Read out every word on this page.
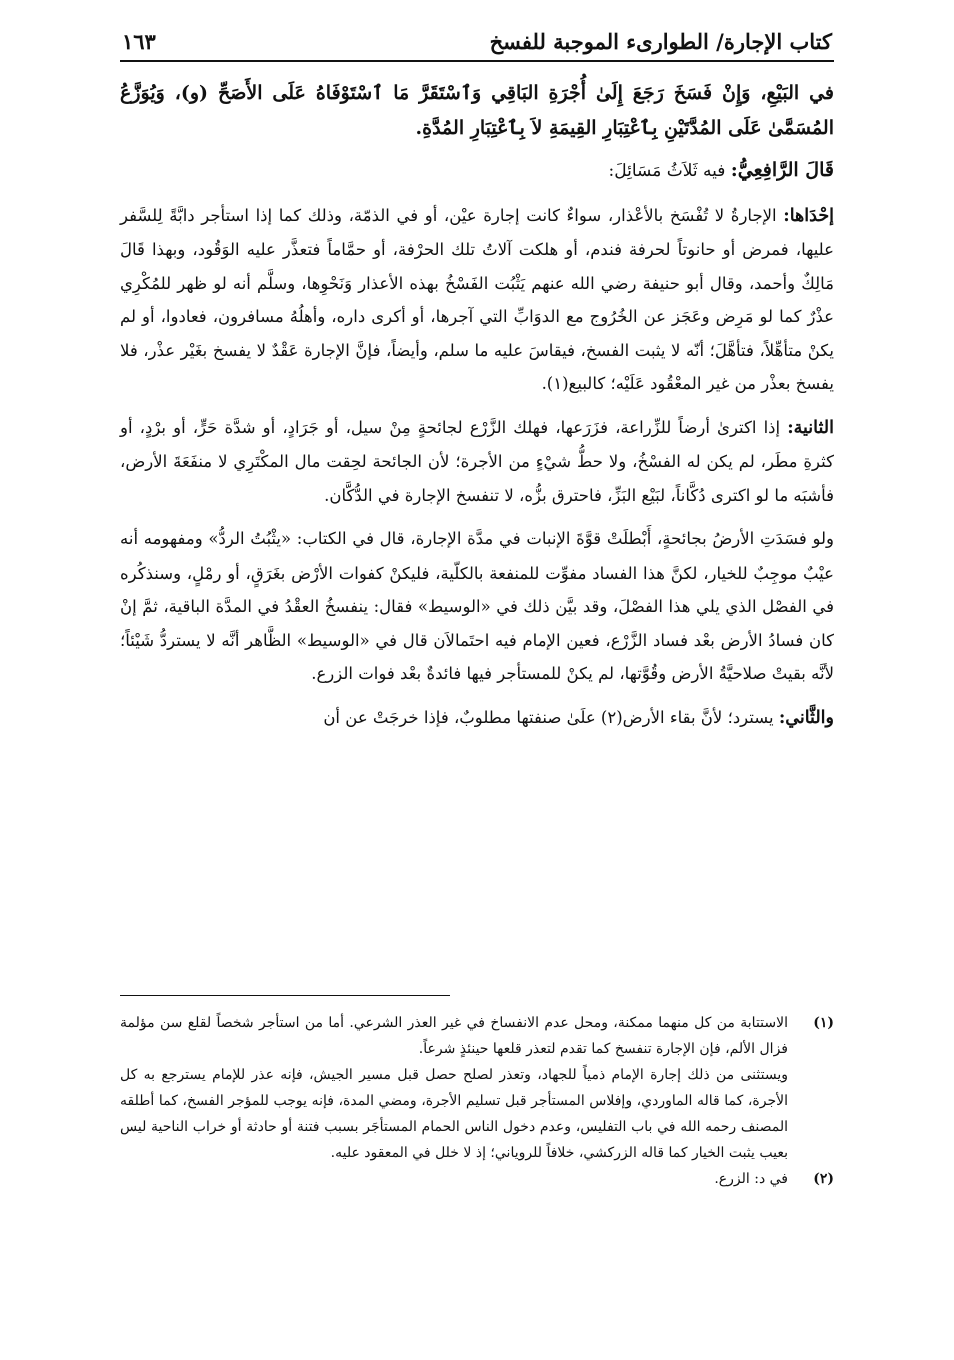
كتاب الإجارة/ الطوارىء الموجبة للفسخ
١٦٣
في البَيْعِ، وَإِنْ فَسَخَ رَجَعَ إِلَىٰ أُجْرَةِ البَاقِي وَٱسْتَقَرَّ مَا ٱسْتَوْفَاهُ عَلَى الأَصَحِّ (و)، وَيُوَزَّعُ المُسَمَّىٰ عَلَى المُدَّتَيْنِ بِٱعْتِبَارِ القِيمَةِ لاَ بِٱعْتِبَارِ المُدَّةِ.
قَالَ الرَّافِعِيُّ: فيه ثَلاَثُ مَسَائِلَ:
إحْدَاها: الإجارةُ لا تُفْسَخ بالأعْذار، سواءٌ كانت إجارة عيْن، أو في الذمّة، وذلك كما إذا استأجر دابَّةً لِلسَّفر عليها، فمرض أو حانوتاً لحرفة فندم، أو هلكت آلاتُ تلك الحرْفة، أو حمَّاماً فتعذَّر عليه الوَقُود، وبهذا قَالَ مَالِكٌ وأحمد، وقال أبو حنيفة رضي الله عنهم يَثْبُت الفَسْخُ بهذه الأعذار وَنَحْوِها، وسلَّم أنه لو ظهر للمُكْرِي عذْرٌ كما لو مَرِض وعَجَز عن الخُرُوج مع الدوَابِّ التي آجرها، أو أكرى داره، وأهلُهُ مسافرون، فعادوا، أو لم يكنْ متأهِّلاً، فتأهَّلَ؛ أنّه لا يثبت الفسخ، فيقاسَ عليه ما سلم، وأيضاً، فإنَّ الإجارة عَقْدٌ لا يفسخ بغَيْر عذْر، فلا يفسخ بعذْر من غير المعْقُود عَلَيْه؛ كالبيع(١).
الثانية: إذا اكترىٰ أرضاً للزِّراعة، فزَرَعها، فهلك الزَّرْع لجائحةٍ مِنْ سيل، أو جَرَادٍ، أو شدَّة حَرٍّ، أو برْدٍ، أو كثرةِ مطَر، لم يكن له الفسْخُ، ولا حطُّ شيْءٍ من الأجرة؛ لأن الجائحة لحِقت مال المكْتَرِي لا منفَعَةَ الأرض، فأشبَه ما لو اكترى دُكَّاناً، لبَيْع البَزِّ، فاحترق بزُّه، لا تنفسخ الإجارة في الدُّكَّان.
ولو فسَدَتِ الأرضُ بجائحةٍ، أَبْطلَتْ قوَّةَ الإنبات في مدَّة الإجارة، قال في الكتاب: «يثْبُتُ الردُّ» ومفهومه أنه عيْبٌ موجِبٌ للخيار، لكنَّ هذا الفساد مفوِّت للمنفعة بالكلّية، فليكنْ كفوات الأرْض بغَرَقٍ، أو رمْلٍ، وسنذكُره في الفصْل الذي يلي هذا الفصْلَ، وقد بيَّن ذلك في «الوسيط» فقال: ينفسخُ العقْدُ في المدَّة الباقية، ثمَّ إنْ كان فسادُ الأرض بعْد فساد الزَّرْع، فعين الإمام فيه احتَمالاَن قال في «الوسيط» الظَّاهر أنَّه لا يستردُّ شَيْئاً؛ لأنَّه بقيتْ صلاحيَّةُ الأرض وقُوَّتها، لم يكنْ للمستأجر فيها فائدةٌ بعْد فوات الزرع.
والثَّاني: يسترد؛ لأنَّ بقاء الأرض(٢) علَىٰ صنفتها مطلوبٌ، فإذا خرجَتْ عن أن
(١)

الاستتابة من كل منهما ممكنة، ومحل عدم الانفساخ في غير العذر الشرعي. أما من استأجر شخصاً لقلع سن مؤلمة فزال الألم، فإن الإجارة تنفسخ كما تقدم لتعذر قلعها حينئذٍ شرعاً.

ويستثنى من ذلك إجارة الإمام ذمياً للجهاد، وتعذر لصلح حصل قبل مسير الجيش، فإنه عذر للإمام يسترجع به كل الأجرة، كما قاله الماوردي، وإفلاس المستأجر قبل تسليم الأجرة، ومضي المدة، فإنه يوجب للمؤجر الفسخ، كما أطلقه المصنف رحمه الله في باب التفليس، وعدم دخول الناس الحمام المستأجَر بسبب فتنة أو حادثة أو خراب الناحية ليس بعيب يثبت الخيار كما قاله الزركشي، خلافاً للروياني؛ إذ لا خلل في المعقود عليه.

(٢)

في د: الزرع.
